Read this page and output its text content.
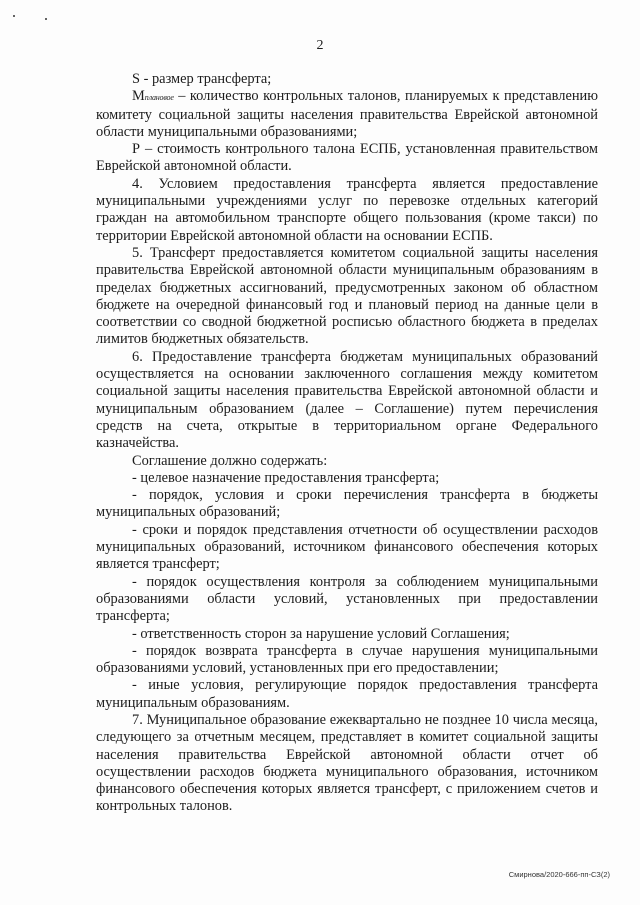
2

S - размер трансферта;

Мплановое – количество контрольных талонов, планируемых к представлению комитету социальной защиты населения правительства Еврейской автономной области муниципальными образованиями;

Р – стоимость контрольного талона ЕСПБ, установленная правительством Еврейской автономной области.

4. Условием предоставления трансферта является предоставление муниципальными учреждениями услуг по перевозке отдельных категорий граждан на автомобильном транспорте общего пользования (кроме такси) по территории Еврейской автономной области на основании ЕСПБ.

5. Трансферт предоставляется комитетом социальной защиты населения правительства Еврейской автономной области муниципальным образованиям в пределах бюджетных ассигнований, предусмотренных законом об областном бюджете на очередной финансовый год и плановый период на данные цели в соответствии со сводной бюджетной росписью областного бюджета в пределах лимитов бюджетных обязательств.

6. Предоставление трансферта бюджетам муниципальных образований осуществляется на основании заключенного соглашения между комитетом социальной защиты населения правительства Еврейской автономной области и муниципальным образованием (далее – Соглашение) путем перечисления средств на счета, открытые в территориальном органе Федерального казначейства.

Соглашение должно содержать:

- целевое назначение предоставления трансферта;

- порядок, условия и сроки перечисления трансферта в бюджеты муниципальных образований;

- сроки и порядок представления отчетности об осуществлении расходов муниципальных образований, источником финансового обеспечения которых является трансферт;

- порядок осуществления контроля за соблюдением муниципальными образованиями области условий, установленных при предоставлении трансферта;

- ответственность сторон за нарушение условий Соглашения;

- порядок возврата трансферта в случае нарушения муниципальными образованиями условий, установленных при его предоставлении;

- иные условия, регулирующие порядок предоставления трансферта муниципальным образованиям.

7. Муниципальное образование ежеквартально не позднее 10 числа месяца, следующего за отчетным месяцем, представляет в комитет социальной защиты населения правительства Еврейской автономной области отчет об осуществлении расходов бюджета муниципального образования, источником финансового обеспечения которых является трансферт, с приложением счетов и контрольных талонов.

Смирнова/2020-666-пп-СЗ(2)
